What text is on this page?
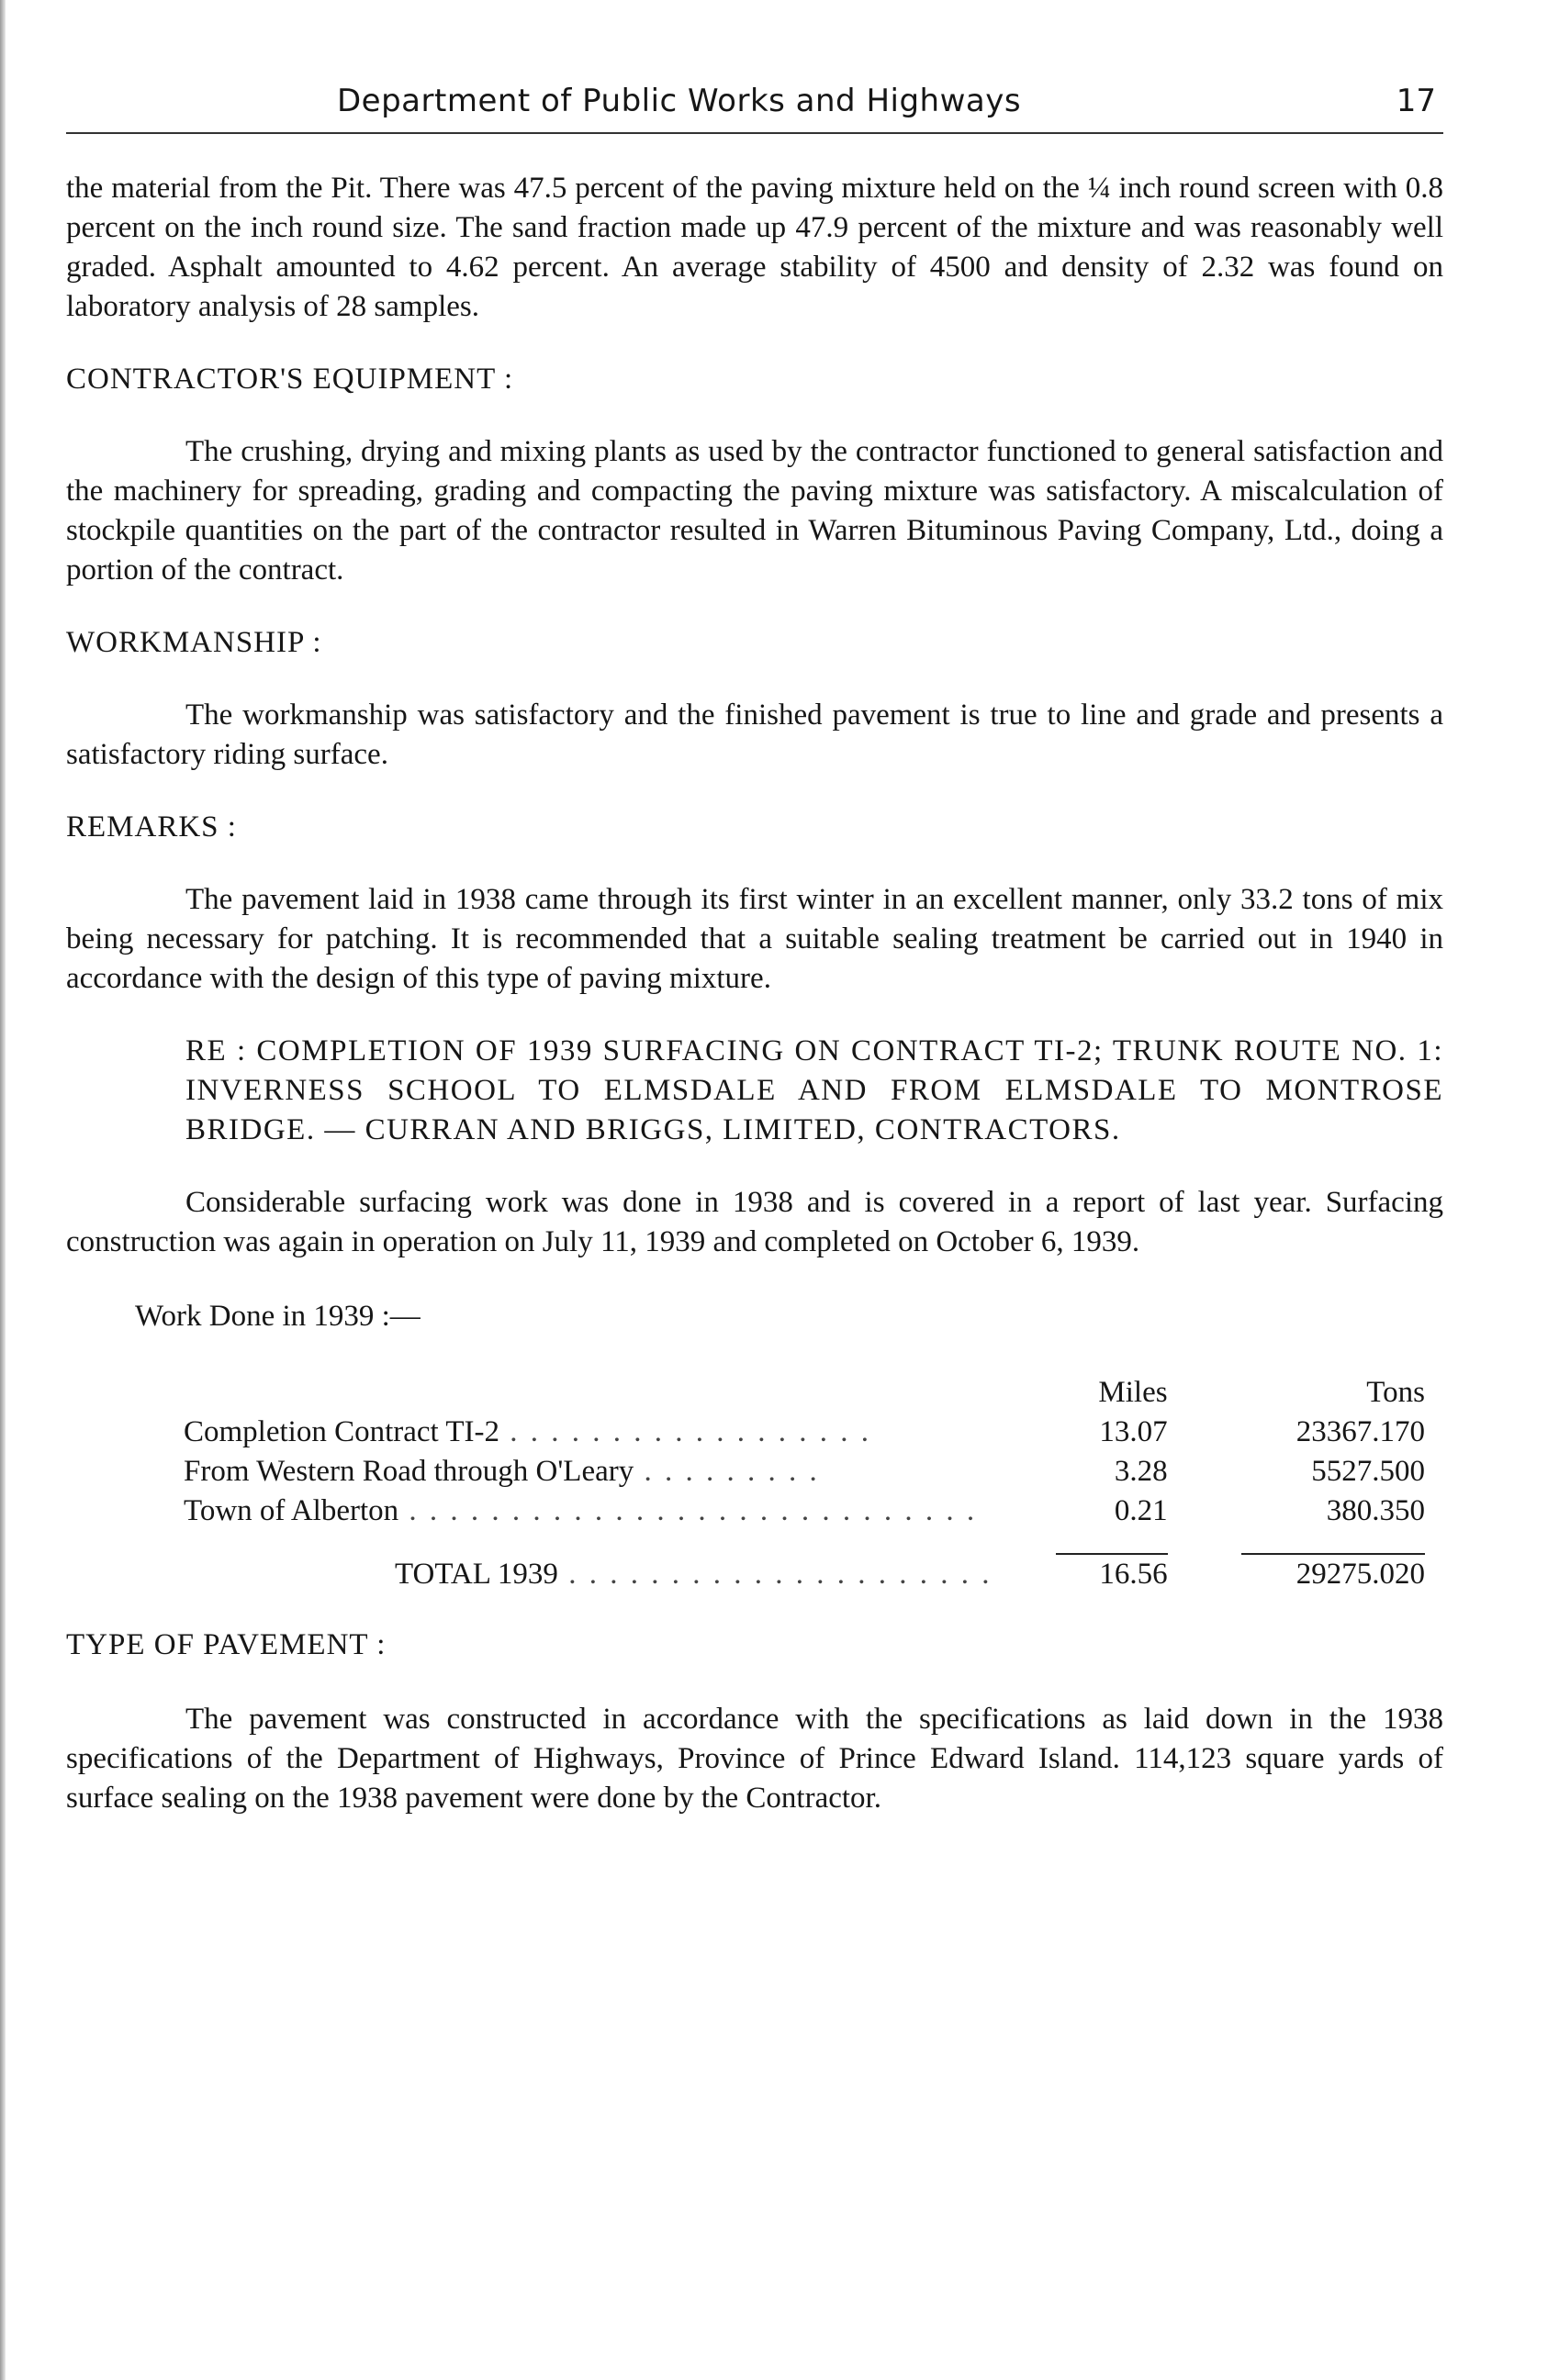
Department of Public Works and Highways	17

the material from the Pit. There was 47.5 percent of the paving mixture held on the ¼ inch round screen with 0.8 percent on the inch round size. The sand fraction made up 47.9 percent of the mixture and was reasonably well graded. Asphalt amounted to 4.62 percent. An average stability of 4500 and density of 2.32 was found on laboratory analysis of 28 samples.

CONTRACTOR'S EQUIPMENT :

The crushing, drying and mixing plants as used by the contractor functioned to general satisfaction and the machinery for spreading, grading and compacting the paving mixture was satisfactory. A miscalculation of stockpile quantities on the part of the contractor resulted in Warren Bituminous Paving Company, Ltd., doing a portion of the contract.

WORKMANSHIP :

The workmanship was satisfactory and the finished pavement is true to line and grade and presents a satisfactory riding surface.

REMARKS :

The pavement laid in 1938 came through its first winter in an excellent manner, only 33.2 tons of mix being necessary for patching. It is recommended that a suitable sealing treatment be carried out in 1940 in accordance with the design of this type of paving mixture.

RE : COMPLETION OF 1939 SURFACING ON CONTRACT TI-2; TRUNK ROUTE NO. 1: INVERNESS SCHOOL TO ELMSDALE AND FROM ELMSDALE TO MONTROSE BRIDGE. — CURRAN AND BRIGGS, LIMITED, CONTRACTORS.

Considerable surfacing work was done in 1938 and is covered in a report of last year. Surfacing construction was again in operation on July 11, 1939 and completed on October 6, 1939.

Work Done in 1939 :—

	Miles	Tons
Completion Contract TI-2 . . . . . . . . . . . . . . . . . .	13.07	23367.170
From Western Road through O'Leary . . . . . . . . .	3.28	5527.500
Town of Alberton . . . . . . . . . . . . . . . . . . . . . . . . . . . .	0.21	380.350

TOTAL 1939 . . . . . . . . . . . . . . . . . . . . .	16.56	29275.020

TYPE OF PAVEMENT :

The pavement was constructed in accordance with the specifications as laid down in the 1938 specifications of the Department of Highways, Province of Prince Edward Island. 114,123 square yards of surface sealing on the 1938 pavement were done by the Contractor.
